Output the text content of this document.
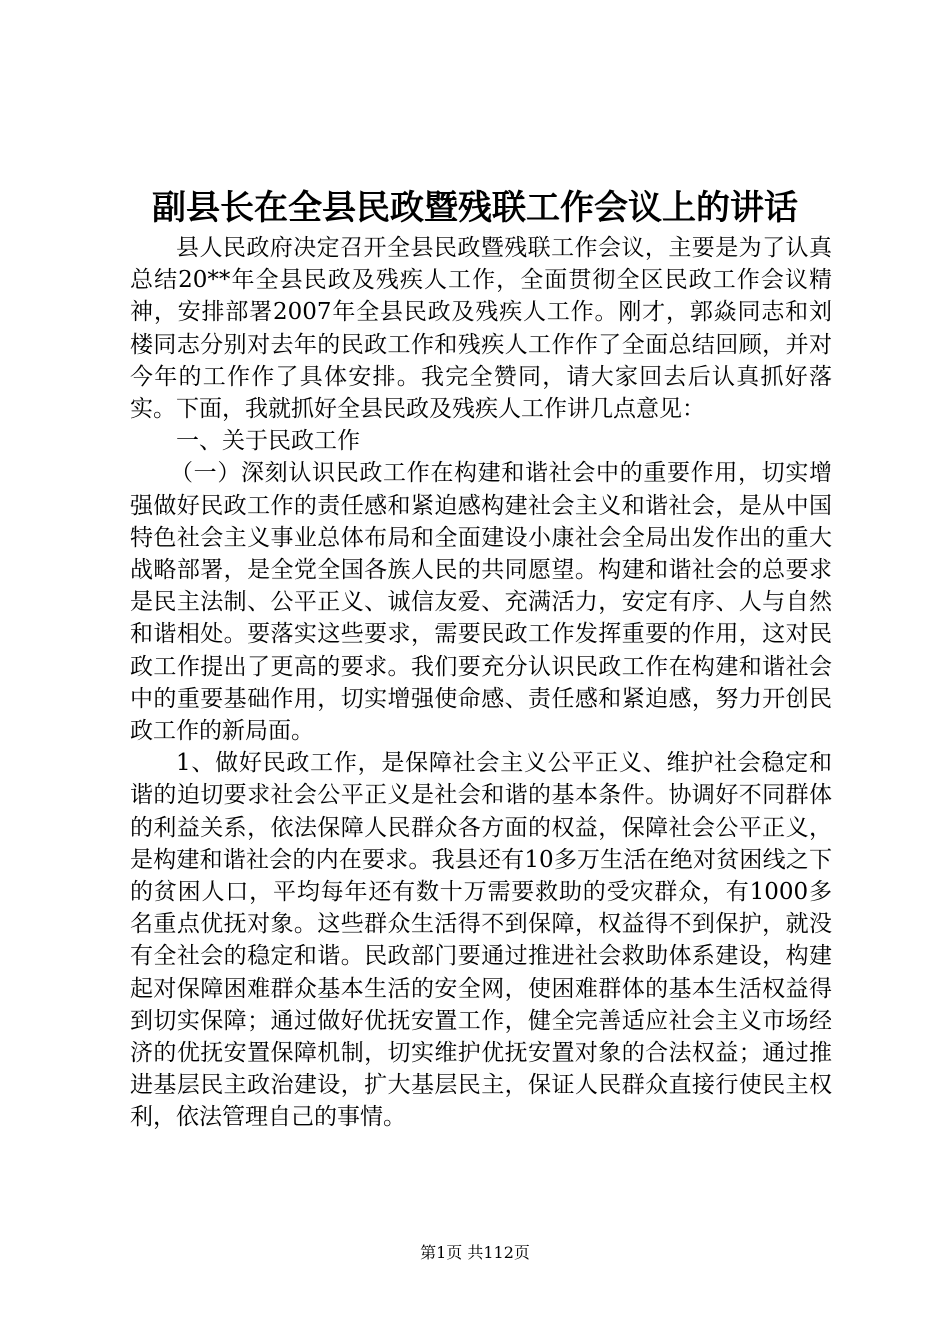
副县长在全县民政暨残联工作会议上的讲话

县人民政府决定召开全县民政暨残联工作会议，主要是为了认真总结20**年全县民政及残疾人工作，全面贯彻全区民政工作会议精神，安排部署2007年全县民政及残疾人工作。刚才，郭焱同志和刘楼同志分别对去年的民政工作和残疾人工作作了全面总结回顾，并对今年的工作作了具体安排。我完全赞同，请大家回去后认真抓好落实。下面，我就抓好全县民政及残疾人工作讲几点意见：

一、关于民政工作

（一）深刻认识民政工作在构建和谐社会中的重要作用，切实增强做好民政工作的责任感和紧迫感构建社会主义和谐社会，是从中国特色社会主义事业总体布局和全面建设小康社会全局出发作出的重大战略部署，是全党全国各族人民的共同愿望。构建和谐社会的总要求是民主法制、公平正义、诚信友爱、充满活力，安定有序、人与自然和谐相处。要落实这些要求，需要民政工作发挥重要的作用，这对民政工作提出了更高的要求。我们要充分认识民政工作在构建和谐社会中的重要基础作用，切实增强使命感、责任感和紧迫感，努力开创民政工作的新局面。

1、做好民政工作，是保障社会主义公平正义、维护社会稳定和谐的迫切要求社会公平正义是社会和谐的基本条件。协调好不同群体的利益关系，依法保障人民群众各方面的权益，保障社会公平正义，是构建和谐社会的内在要求。我县还有10多万生活在绝对贫困线之下的贫困人口，平均每年还有数十万需要救助的受灾群众，有1000多名重点优抚对象。这些群众生活得不到保障，权益得不到保护，就没有全社会的稳定和谐。民政部门要通过推进社会救助体系建设，构建起对保障困难群众基本生活的安全网，使困难群体的基本生活权益得到切实保障；通过做好优抚安置工作，健全完善适应社会主义市场经济的优抚安置保障机制，切实维护优抚安置对象的合法权益；通过推进基层民主政治建设，扩大基层民主，保证人民群众直接行使民主权利，依法管理自己的事情。

第1页 共112页
